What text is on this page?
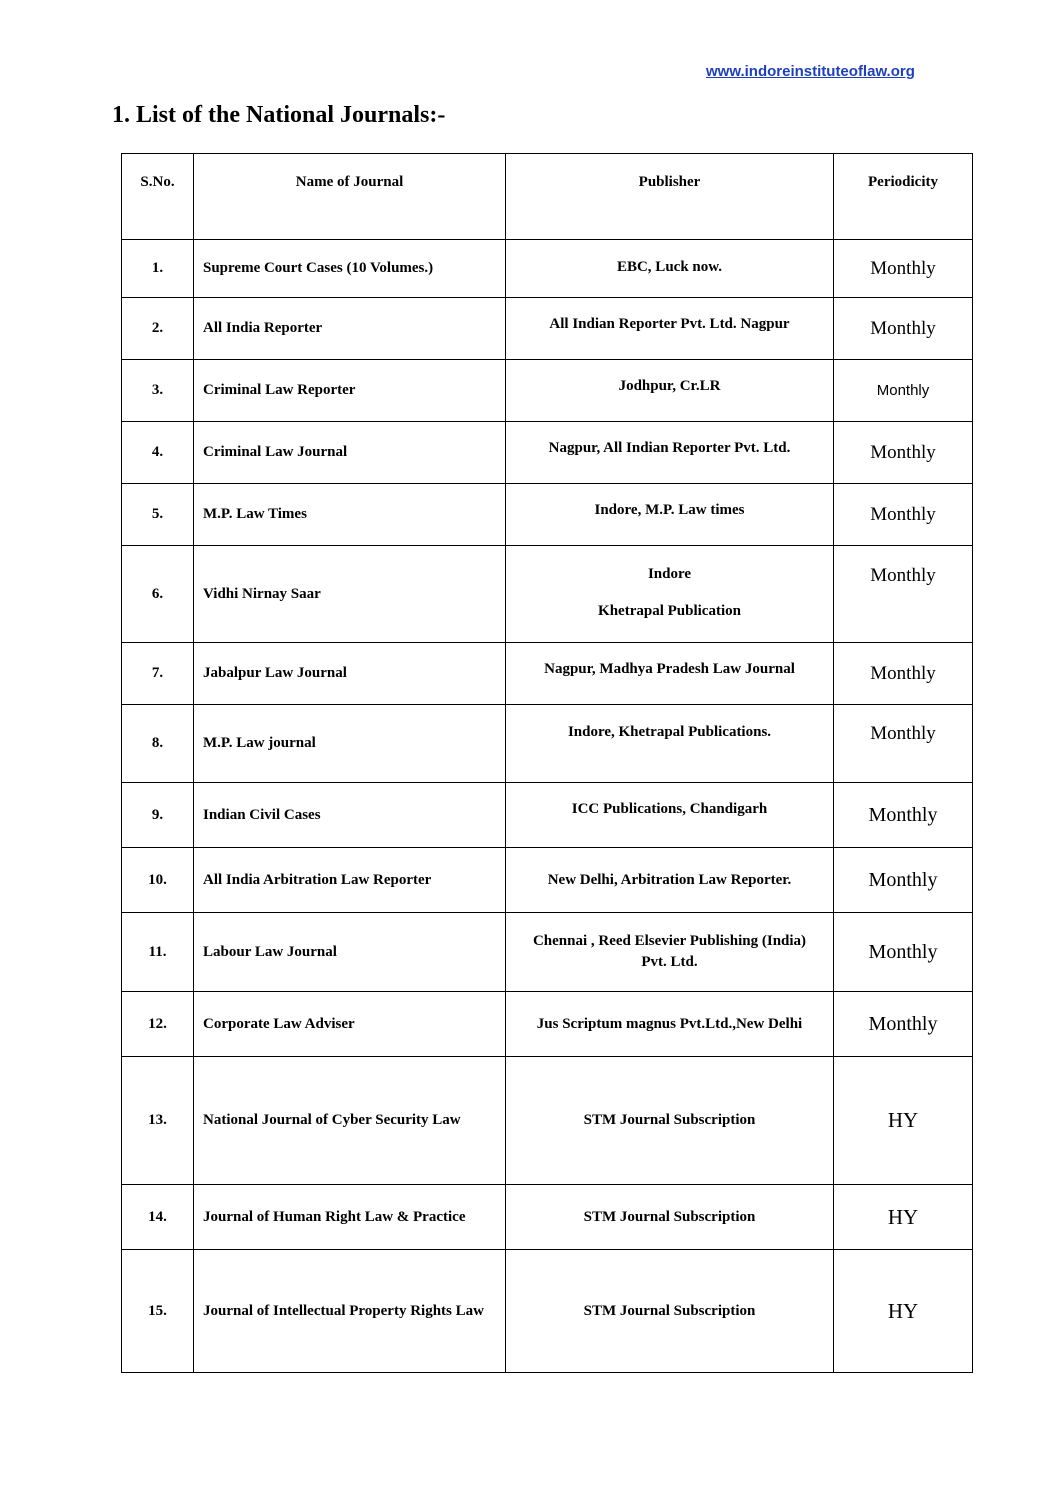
www.indoreinstituteoflaw.org
1. List of the National Journals:-
S.No.	Name of Journal	Publisher	Periodicity
1.	Supreme Court Cases (10 Volumes.)	EBC, Luck now.	Monthly
2.	All India Reporter	All Indian Reporter Pvt. Ltd. Nagpur	Monthly
3.	Criminal Law Reporter	Jodhpur, Cr.LR	Monthly
4.	Criminal Law Journal	Nagpur, All Indian Reporter Pvt. Ltd.	Monthly
5.	M.P. Law Times	Indore, M.P. Law times	Monthly
6.	Vidhi Nirnay Saar	Indore
Khetrapal Publication	Monthly
7.	Jabalpur Law Journal	Nagpur, Madhya Pradesh Law Journal	Monthly
8.	M.P. Law journal	Indore, Khetrapal Publications.	Monthly
9.	Indian Civil Cases	ICC Publications, Chandigarh	Monthly
10.	All India Arbitration Law Reporter	New Delhi, Arbitration Law Reporter.	Monthly
11.	Labour Law Journal	Chennai , Reed Elsevier Publishing (India)
Pvt. Ltd.	Monthly
12.	Corporate Law Adviser	Jus Scriptum magnus Pvt.Ltd.,New Delhi	Monthly
13.	National Journal of Cyber Security Law	STM Journal Subscription	HY
14.	Journal of Human Right Law & Practice	STM Journal Subscription	HY
15.	Journal of Intellectual Property Rights Law	STM Journal Subscription	HY
